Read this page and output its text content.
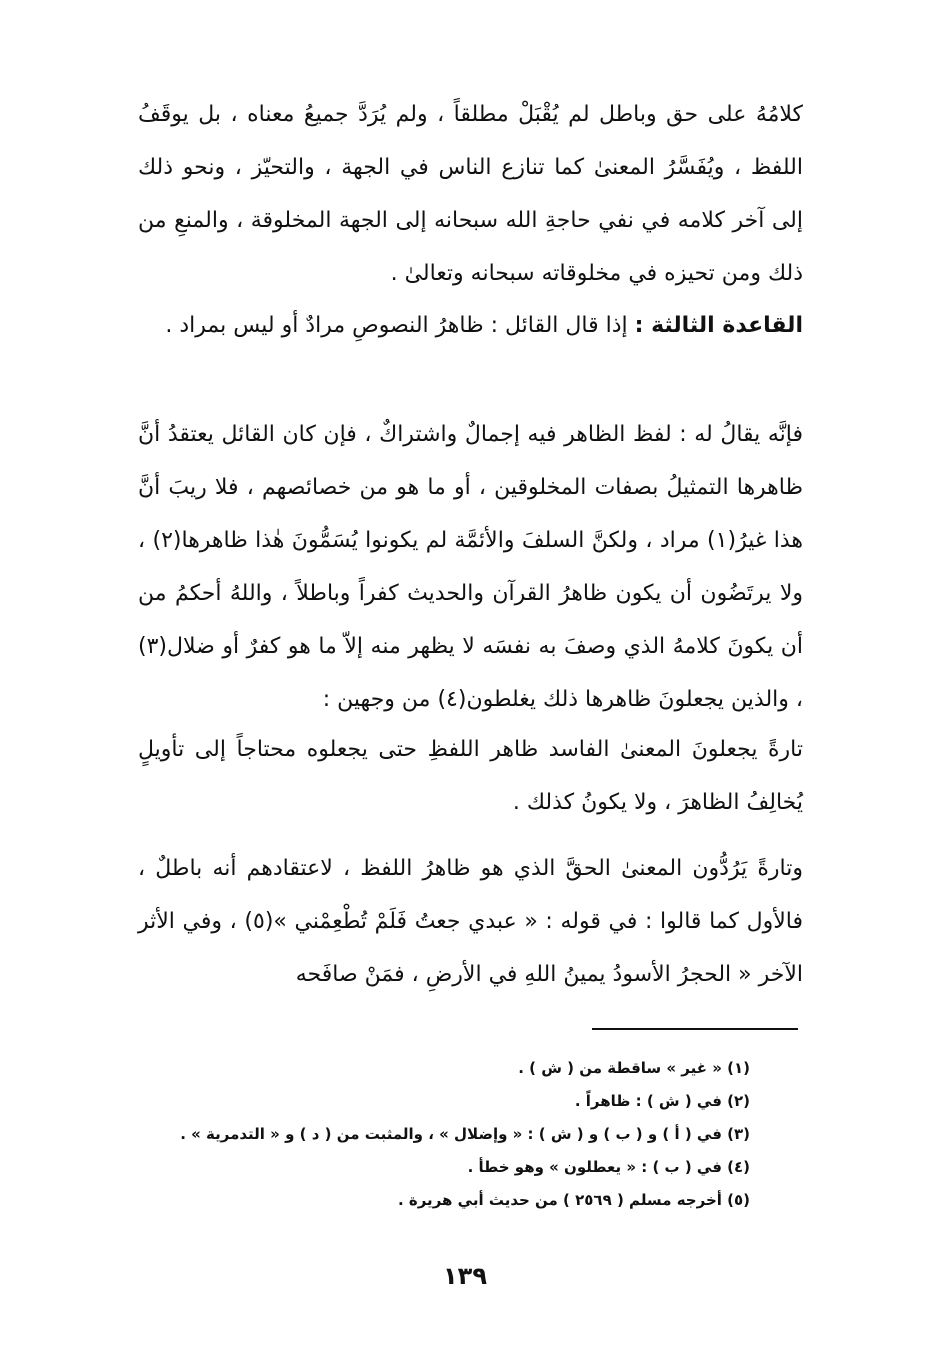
كلامُهُ على حق وباطل لم يُقْبَلْ مطلقاً ، ولم يُرَدَّ جميعُ معناه ، بل يوقَفُ اللفظ ، ويُفَسَّرُ المعنىٰ كما تنازع الناس في الجهة ، والتحيّز ، ونحو ذلك إلى آخر كلامه في نفي حاجةِ الله سبحانه إلى الجهة المخلوقة ، والمنعِ من ذلك ومن تحيزه في مخلوقاته سبحانه وتعالىٰ .

القاعدة الثالثة : إذا قال القائل : ظاهرُ النصوصِ مرادٌ أو ليس بمراد .

فإنَّه يقالُ له : لفظ الظاهر فيه إجمالٌ واشتراكٌ ، فإن كان القائل يعتقدُ أنَّ ظاهرها التمثيلُ بصفات المخلوقين ، أو ما هو من خصائصهم ، فلا ريبَ أنَّ هذا غيرُ(١) مراد ، ولكنَّ السلفَ والأئمَّة لم يكونوا يُسَمُّونَ هٰذا ظاهرها(٢) ، ولا يرتَضُون أن يكون ظاهرُ القرآن والحديث كفراً وباطلاً ، واللهُ أحكمُ من أن يكونَ كلامهُ الذي وصفَ به نفسَه لا يظهر منه إلاّ ما هو كفرٌ أو ضلال(٣) ، والذين يجعلونَ ظاهرها ذلك يغلطون(٤) من وجهين :

تارةً يجعلونَ المعنىٰ الفاسد ظاهر اللفظِ حتى يجعلوه محتاجاً إلى تأويلٍ يُخالِفُ الظاهرَ ، ولا يكونُ كذلك .

وتارةً يَرُدُّون المعنىٰ الحقَّ الذي هو ظاهرُ اللفظ ، لاعتقادهم أنه باطلٌ ، فالأول كما قالوا : في قوله : « عبدي جعتُ فَلَمْ تُطْعِمْني »(٥) ، وفي الأثر الآخر « الحجرُ الأسودُ يمينُ اللهِ في الأرضِ ، فمَنْ صافَحه

(١) « غير » ساقطة من ( ش ) .
(٢) في ( ش ) : ظاهراً .
(٣) في ( أ ) و ( ب ) و ( ش ) : « وإضلال » ، والمثبت من ( د ) و « التدمرية » .
(٤) في ( ب ) : « يعطلون » وهو خطأ .
(٥) أخرجه مسلم ( ٢٥٦٩ ) من حديث أبي هريرة .
١٣٩
